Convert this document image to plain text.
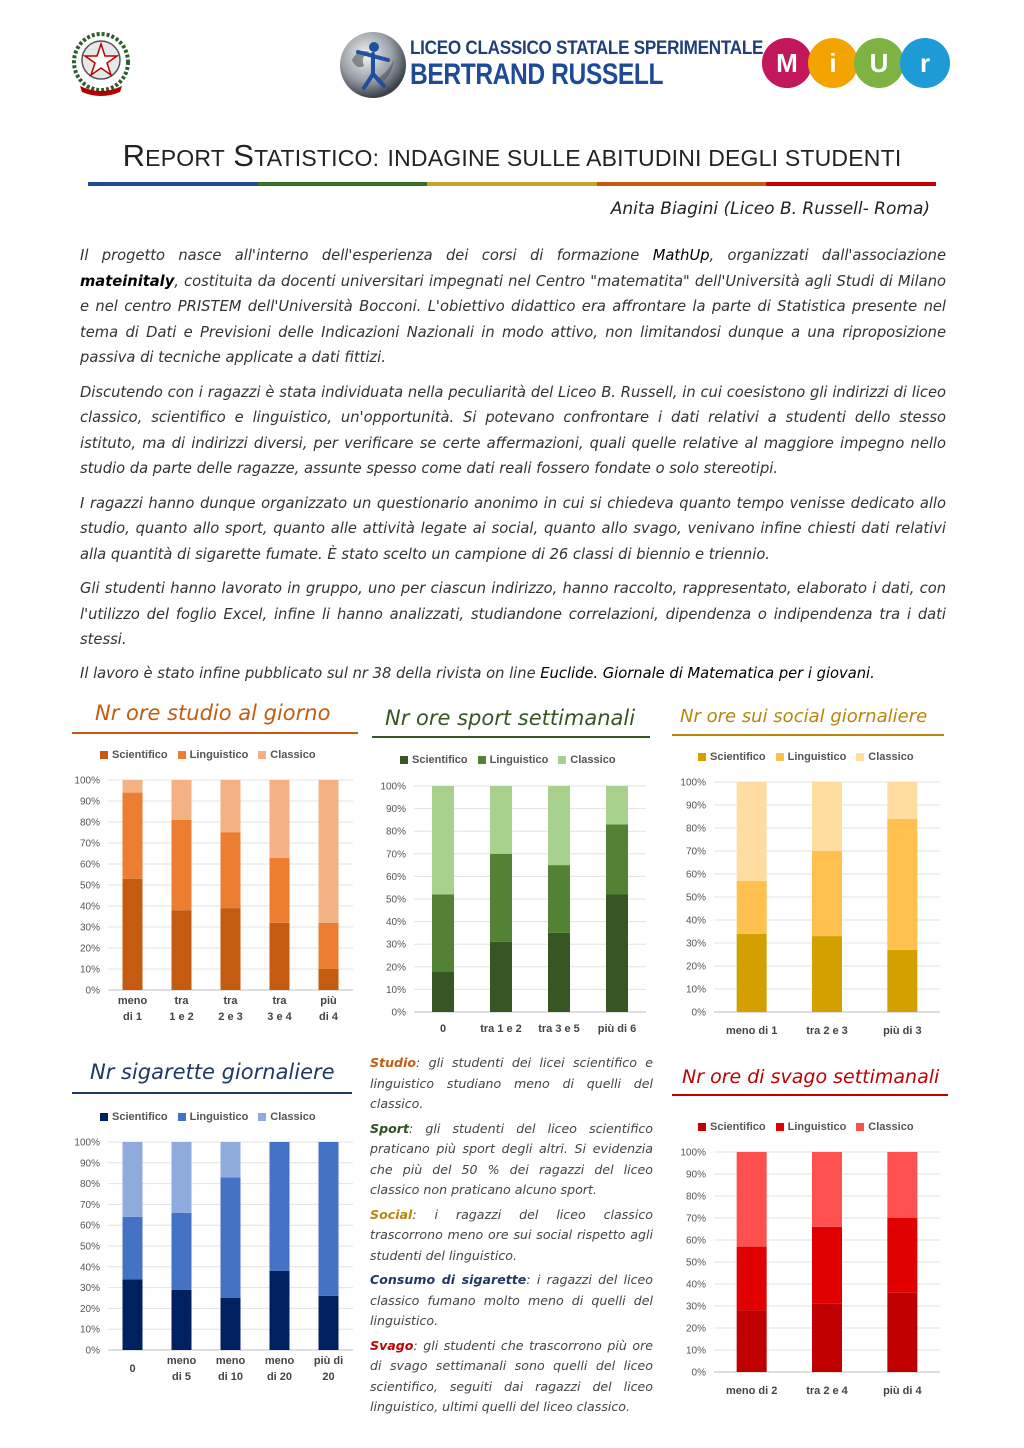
LICEO CLASSICO STATALE SPERIMENTALE
BERTRAND RUSSELL	M i U r
REPORT STATISTICO: INDAGINE SULLE ABITUDINI DEGLI STUDENTI
Anita Biagini (Liceo B. Russell- Roma)

Il progetto nasce all'interno dell'esperienza dei corsi di formazione MathUp, organizzati dall'associazione mateinitaly, costituita da docenti universitari impegnati nel Centro "matematita" dell'Università agli Studi di Milano e nel centro PRISTEM dell'Università Bocconi. L'obiettivo didattico era affrontare la parte di Statistica presente nel tema di Dati e Previsioni delle Indicazioni Nazionali in modo attivo, non limitandosi dunque a una riproposizione passiva di tecniche applicate a dati fittizi.

Discutendo con i ragazzi è stata individuata nella peculiarità del Liceo B. Russell, in cui coesistono gli indirizzi di liceo classico, scientifico e linguistico, un'opportunità. Si potevano confrontare i dati relativi a studenti dello stesso istituto, ma di indirizzi diversi, per verificare se certe affermazioni, quali quelle relative al maggiore impegno nello studio da parte delle ragazze, assunte spesso come dati reali fossero fondate o solo stereotipi.

I ragazzi hanno dunque organizzato un questionario anonimo in cui si chiedeva quanto tempo venisse dedicato allo studio, quanto allo sport, quanto alle attività legate ai social, quanto allo svago, venivano infine chiesti dati relativi alla quantità di sigarette fumate. È stato scelto un campione di 26 classi di biennio e triennio.

Gli studenti hanno lavorato in gruppo, uno per ciascun indirizzo, hanno raccolto, rappresentato, elaborato i dati, con l'utilizzo del foglio Excel, infine li hanno analizzati, studiandone correlazioni, dipendenza o indipendenza tra i dati stessi.

Il lavoro è stato infine pubblicato sul nr 38 della rivista on line Euclide. Giornale di Matematica per i giovani.

Nr ore studio al giorno
Scientifico Linguistico Classico
0%
10%
20%
30%
40%
50%
60%
70%
80%
90%
100%
meno
di 1
tra
1 e 2
tra
2 e 3
tra
3 e 4
più
di 4
Nr ore sport settimanali
Scientifico Linguistico Classico
0%
10%
20%
30%
40%
50%
60%
70%
80%
90%
100%
0	tra 1 e 2 tra 3 e 5 più di 6
Nr ore sui social giornaliere
Scientifico Linguistico Classico
0%
10%
20%
30%
40%
50%
60%
70%
80%
90%
100%
meno di 1	tra 2 e 3	più di 3
Nr sigarette giornaliere
Scientifico Linguistico Classico
0%
10%
20%
30%
40%
50%
60%
70%
80%
90%
100%
0
meno
di 5
meno
di 10
meno
di 20
più di
20
Nr ore di svago settimanali
Scientifico Linguistico Classico
0%
10%
20%
30%
40%
50%
60%
70%
80%
90%
100%
meno di 2	tra 2 e 4	più di 4

Studio: gli studenti dei licei scientifico e linguistico studiano meno di quelli del classico.

Sport: gli studenti del liceo scientifico praticano più sport degli altri. Si evidenzia che più del 50 % dei ragazzi del liceo classico non praticano alcuno sport.

Social: i ragazzi del liceo classico trascorrono meno ore sui social rispetto agli studenti del linguistico.

Consumo di sigarette: i ragazzi del liceo classico fumano molto meno di quelli del linguistico.

Svago: gli studenti che trascorrono più ore di svago settimanali sono quelli del liceo scientifico, seguiti dai ragazzi del liceo linguistico, ultimi quelli del liceo classico.
